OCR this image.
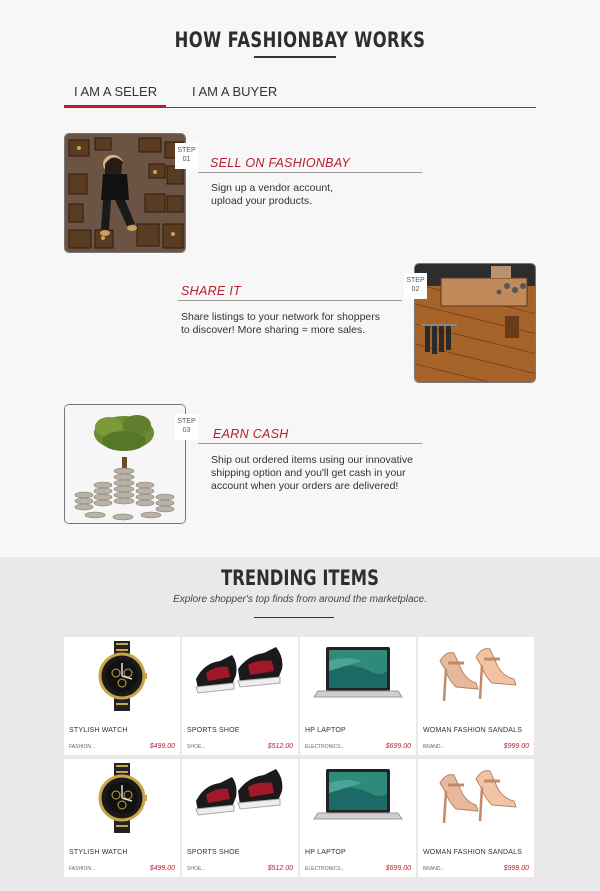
HOW FASHIONBAY WORKS
I AM A SELER	I AM A BUYER
STEP
01	SELL ON FASHIONBAY
Sign up a vendor account,
upload your products.
SHARE IT
Share listings to your network for shoppers
to discover! More sharing = more sales.
STEP
02
STEP
03	EARN CASH
Ship out ordered items using our innovative
shipping option and you'll get cash in your
account when your orders are delivered!
TRENDING ITEMS
Explore shopper's top finds from around the marketplace.
STYLISH WATCH
FASHION...	$499.00
SPORTS SHOE
SHOE...	$512.00
HP LAPTOP
ELECTRONICS...	$699.00
WOMAN FASHION SANDALS
BRAND...	$999.00
STYLISH WATCH
FASHION...	$499.00
SPORTS SHOE
SHOE...	$512.00
HP LAPTOP
ELECTRONICS...	$699.00
WOMAN FASHION SANDALS
BRAND...	$999.00
